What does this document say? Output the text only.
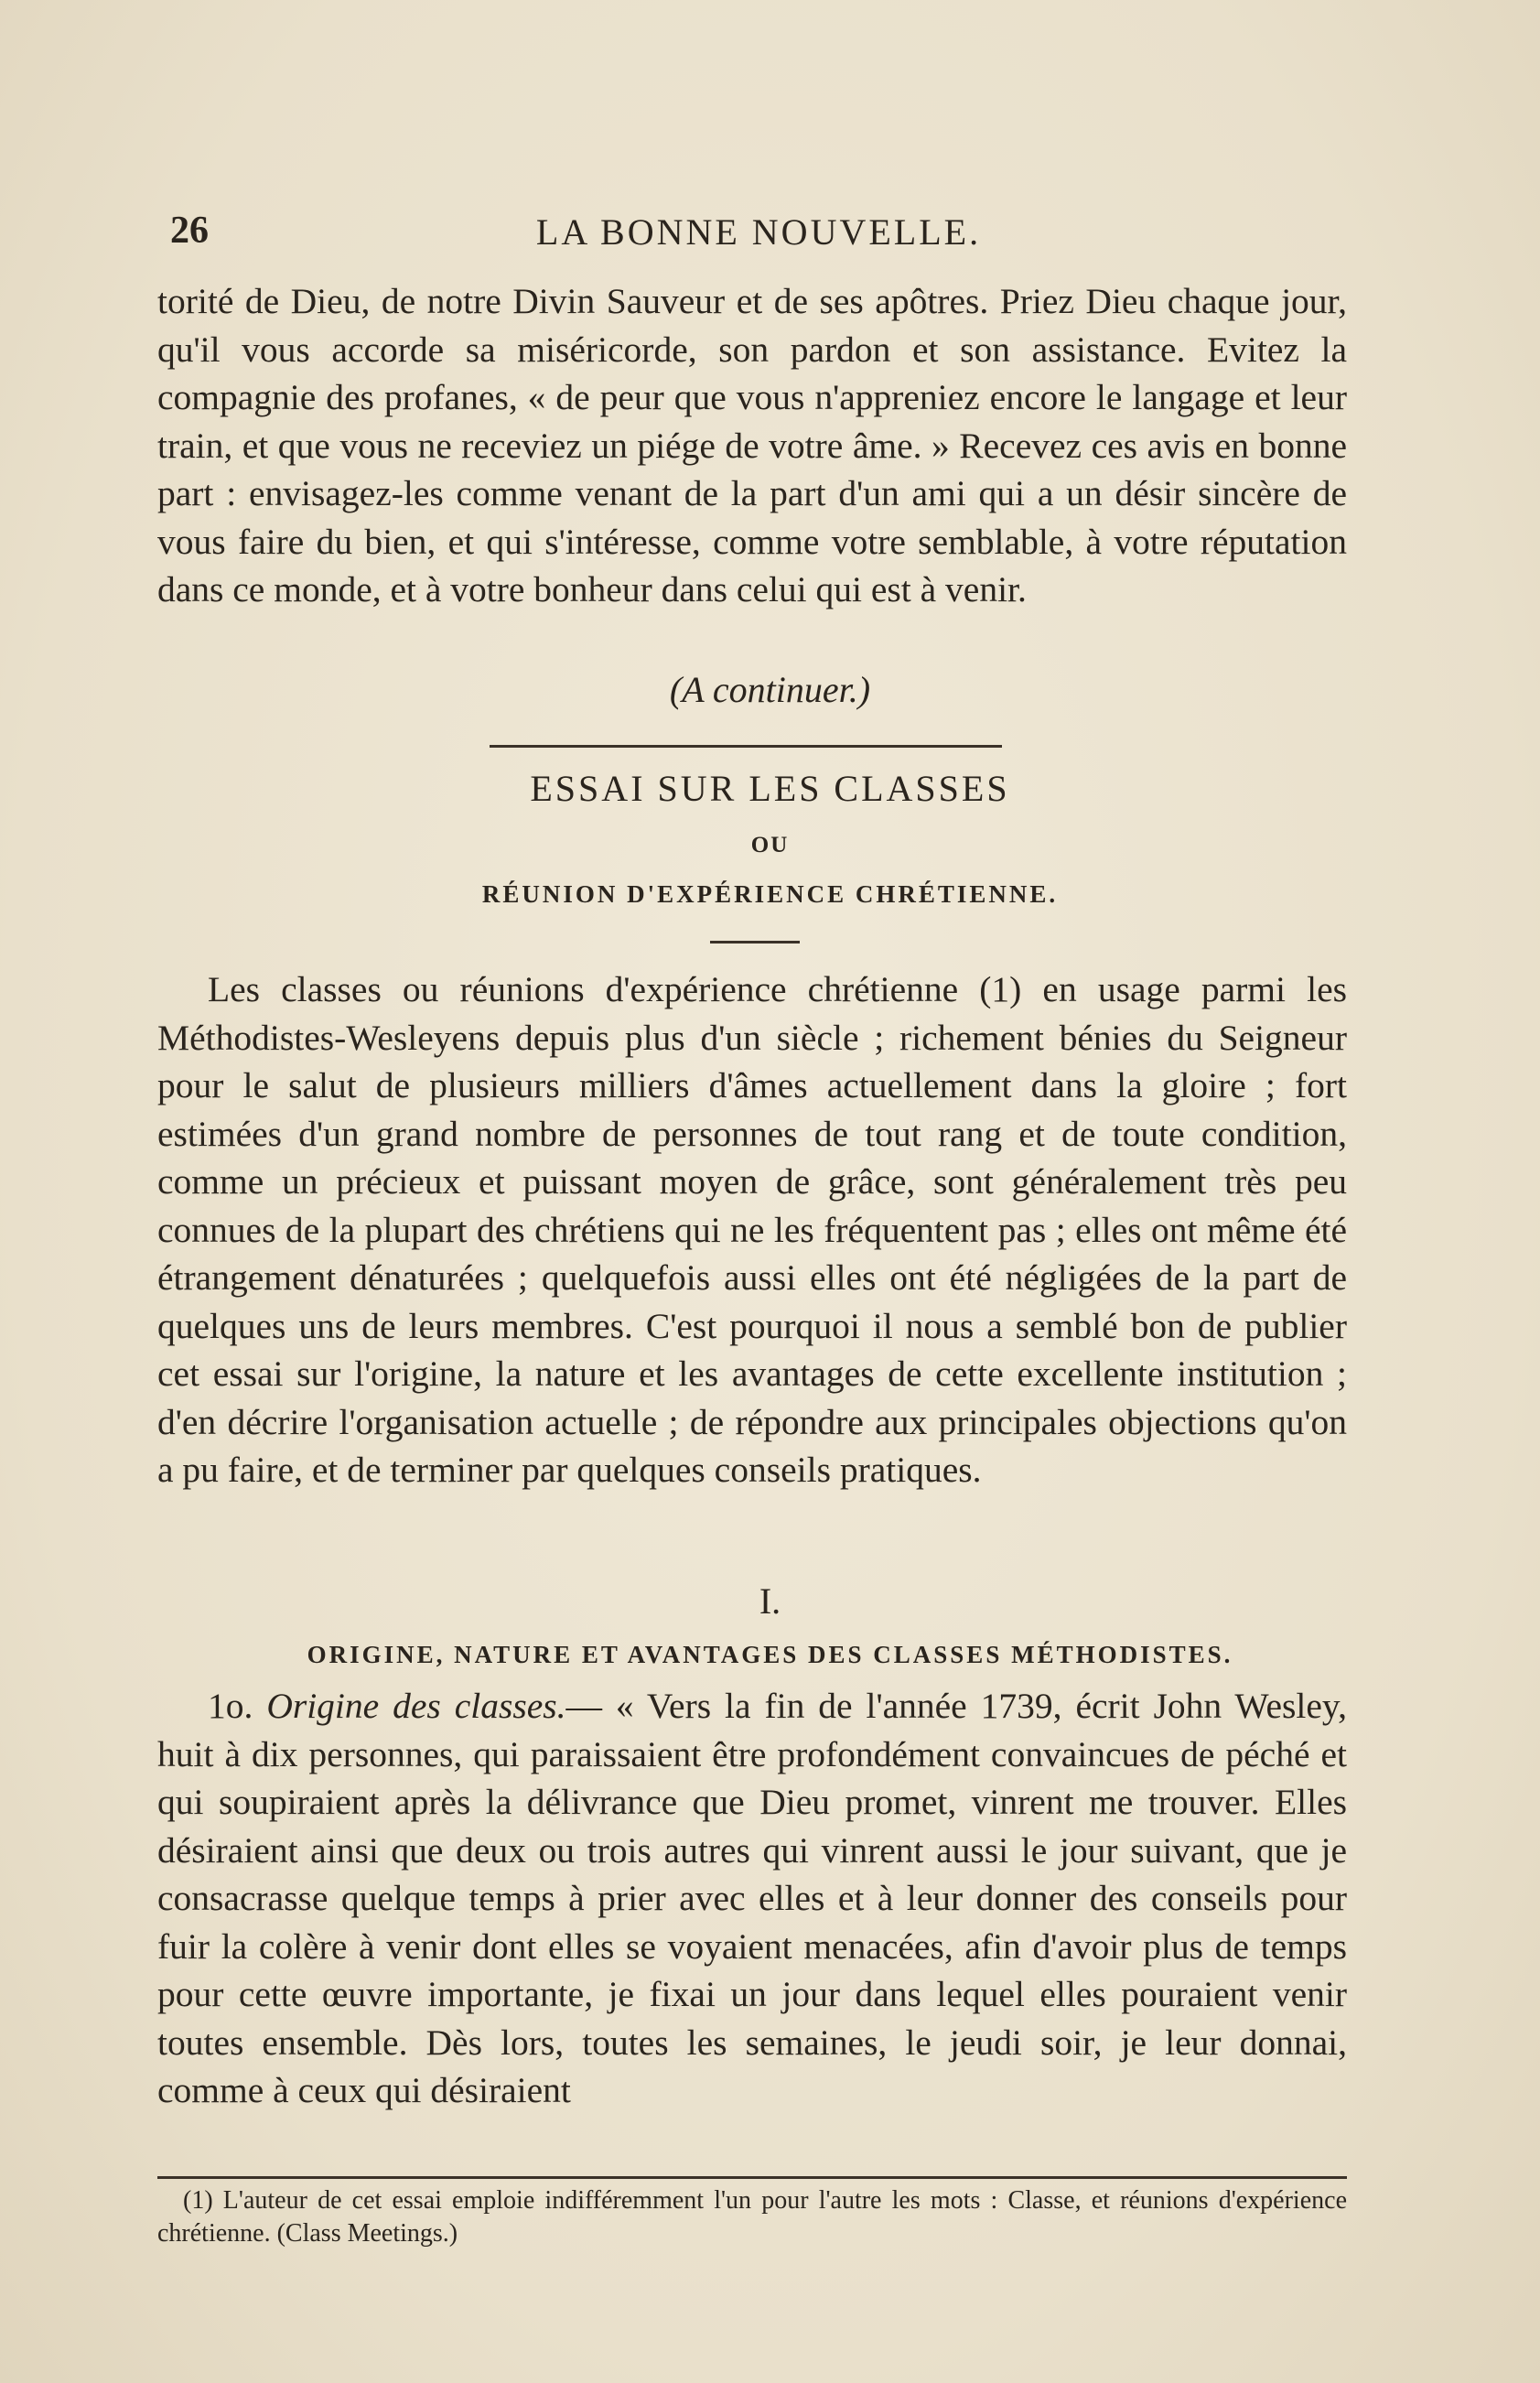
26	LA BONNE NOUVELLE.

torité de Dieu, de notre Divin Sauveur et de ses apôtres. Priez Dieu chaque jour, qu'il vous accorde sa miséricorde, son pardon et son assistance. Evitez la compagnie des profanes, « de peur que vous n'appreniez encore le langage et leur train, et que vous ne receviez un piége de votre âme. » Recevez ces avis en bonne part : envisagez-les comme venant de la part d'un ami qui a un désir sincère de vous faire du bien, et qui s'intéresse, comme votre semblable, à votre réputation dans ce monde, et à votre bonheur dans celui qui est à venir.

(A continuer.)
ESSAI SUR LES CLASSES
OU
RÉUNION D'EXPÉRIENCE CHRÉTIENNE.

Les classes ou réunions d'expérience chrétienne (1) en usage parmi les Méthodistes-Wesleyens depuis plus d'un siècle ; richement bénies du Seigneur pour le salut de plusieurs milliers d'âmes actuellement dans la gloire ; fort estimées d'un grand nombre de personnes de tout rang et de toute condition, comme un précieux et puissant moyen de grâce, sont généralement très peu connues de la plupart des chrétiens qui ne les fréquentent pas ; elles ont même été étrangement dénaturées ; quelquefois aussi elles ont été négligées de la part de quelques uns de leurs membres. C'est pourquoi il nous a semblé bon de publier cet essai sur l'origine, la nature et les avantages de cette excellente institution ; d'en décrire l'organisation actuelle ; de répondre aux principales objections qu'on a pu faire, et de terminer par quelques conseils pratiques.

I.
ORIGINE, NATURE ET AVANTAGES DES CLASSES MÉTHODISTES.

1o. Origine des classes.— « Vers la fin de l'année 1739, écrit John Wesley, huit à dix personnes, qui paraissaient être profondément convaincues de péché et qui soupiraient après la délivrance que Dieu promet, vinrent me trouver. Elles désiraient ainsi que deux ou trois autres qui vinrent aussi le jour suivant, que je consacrasse quelque temps à prier avec elles et à leur donner des conseils pour fuir la colère à venir dont elles se voyaient menacées, afin d'avoir plus de temps pour cette œuvre importante, je fixai un jour dans lequel elles pouraient venir toutes ensemble. Dès lors, toutes les semaines, le jeudi soir, je leur donnai, comme à ceux qui désiraient

(1) L'auteur de cet essai emploie indifféremment l'un pour l'autre les mots : Classe, et réunions d'expérience chrétienne. (Class Meetings.)
